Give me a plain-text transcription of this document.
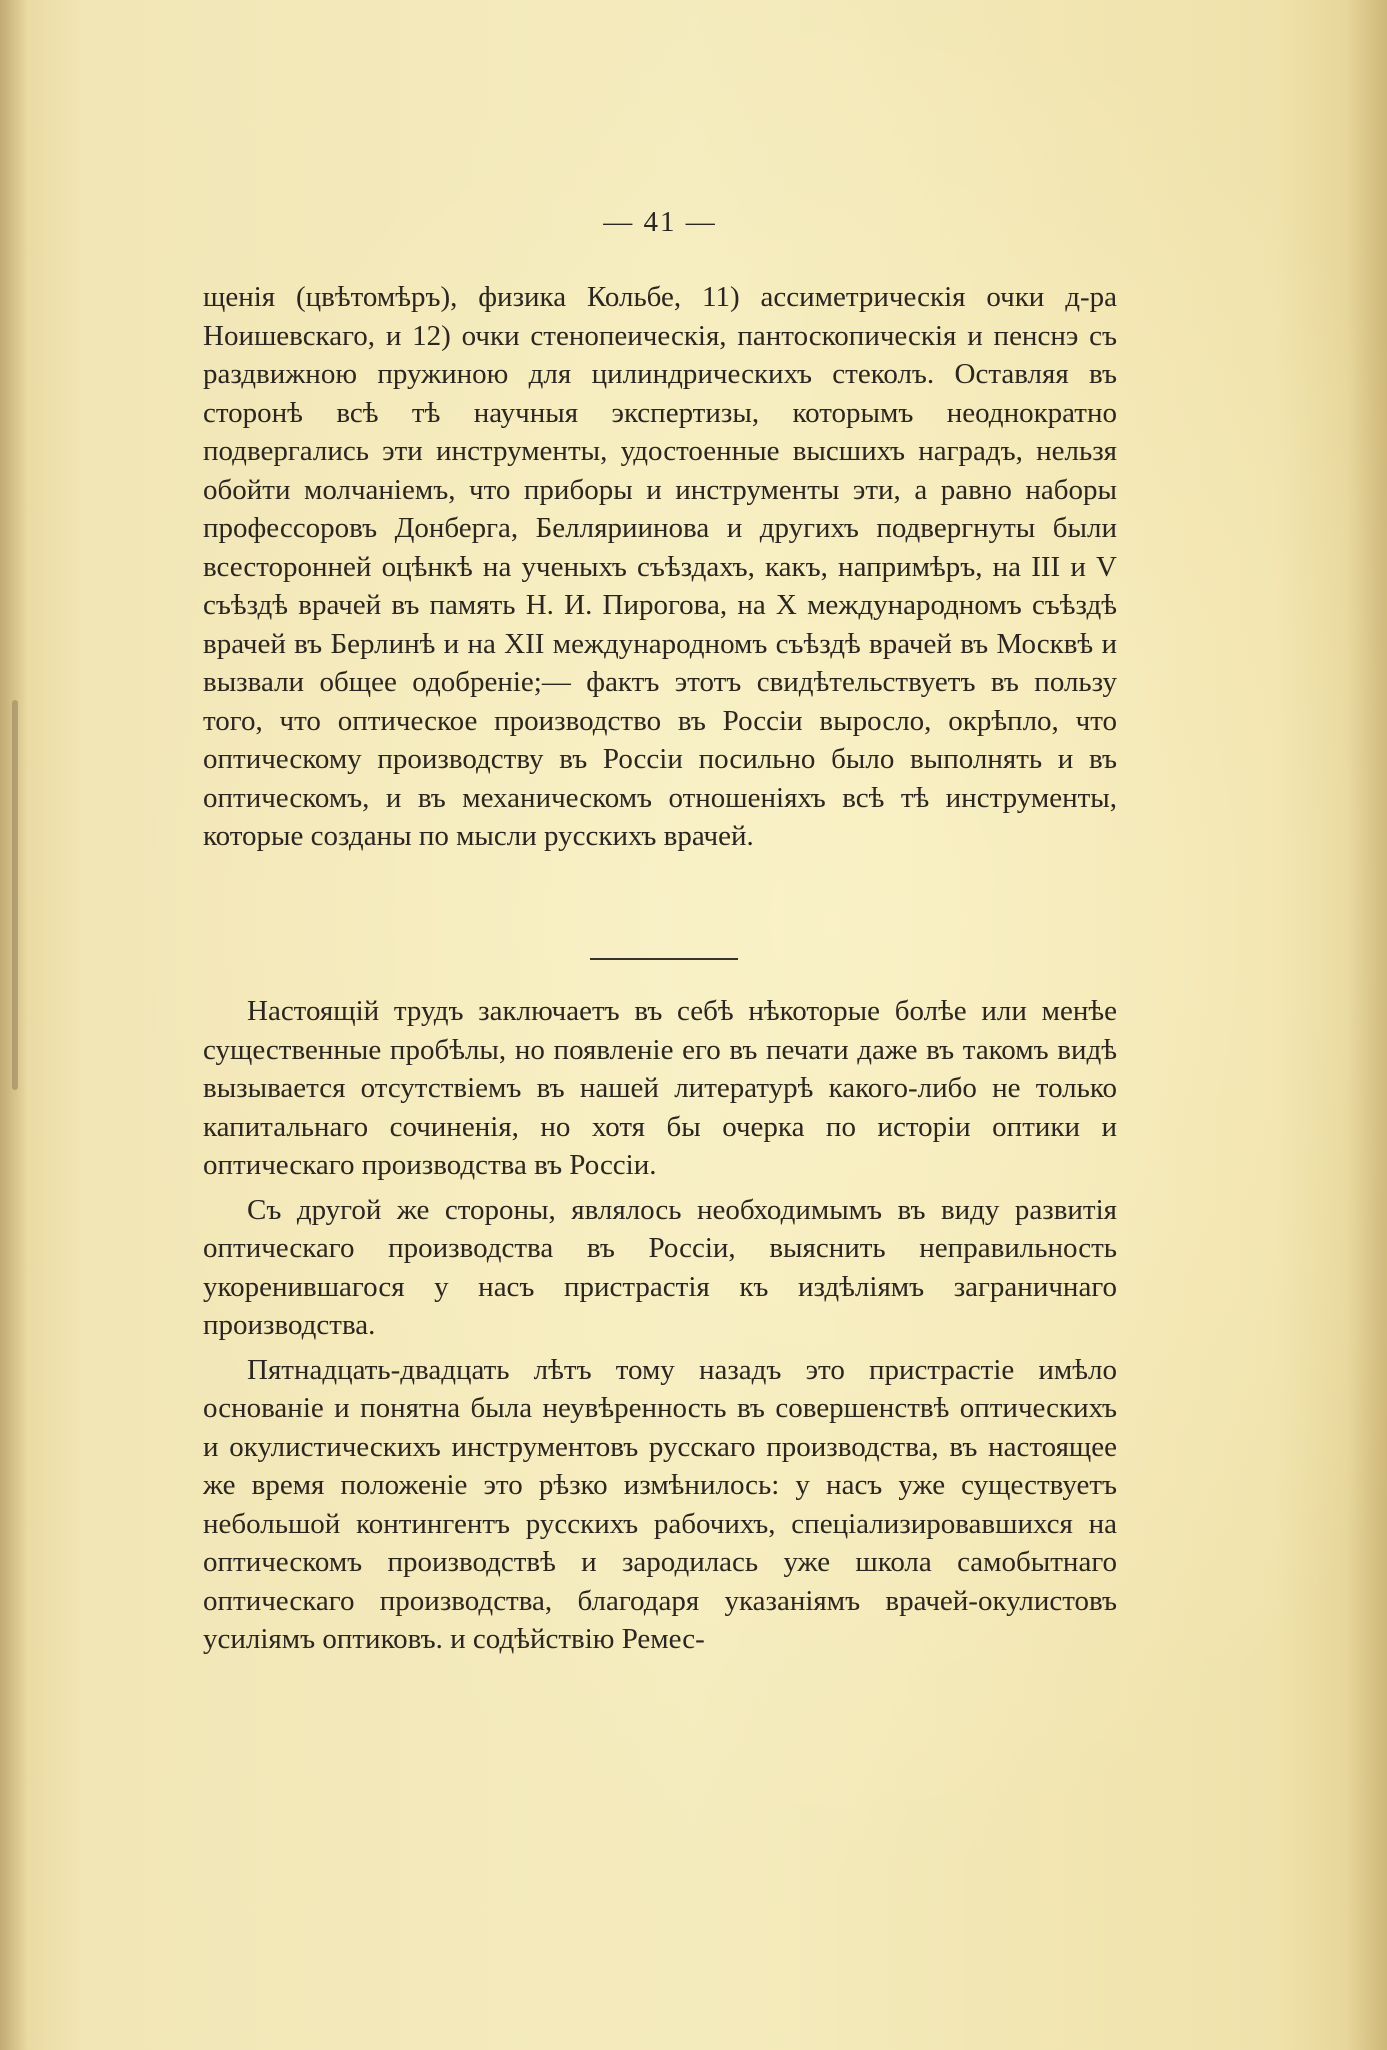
— 41 —

щенія (цвѣтомѣръ), физика Кольбе, 11) ассиметрическія очки д-ра Ноишевскаго, и 12) очки стенопеическія, пантоскопическія и пенснэ съ раздвижною пружиною для цилиндрическихъ стеколъ. Оставляя въ сторонѣ всѣ тѣ научныя экспертизы, которымъ неоднократно подвергались эти инструменты, удостоенные высшихъ наградъ, нельзя обойти молчаніемъ, что приборы и инструменты эти, а равно наборы профессоровъ Донберга, Белляриинова и другихъ подвергнуты были всесторонней оцѣнкѣ на ученыхъ съѣздахъ, какъ, напримѣръ, на III и V съѣздѣ врачей въ память Н. И. Пирогова, на X международномъ съѣздѣ врачей въ Берлинѣ и на XII международномъ съѣздѣ врачей въ Москвѣ и вызвали общее одобреніе;— фактъ этотъ свидѣтельствуетъ въ пользу того, что оптическое производство въ Россіи выросло, окрѣпло, что оптическому производству въ Россіи посильно было выполнять и въ оптическомъ, и въ механическомъ отношеніяхъ всѣ тѣ инструменты, которые созданы по мысли русскихъ врачей.

Настоящій трудъ заключаетъ въ себѣ нѣкоторые болѣе или менѣе существенные пробѣлы, но появленіе его въ печати даже въ такомъ видѣ вызывается отсутствіемъ въ нашей литературѣ какого-либо не только капитальнаго сочиненія, но хотя бы очерка по исторіи оптики и оптическаго производства въ Россіи.

Съ другой же стороны, являлось необходимымъ въ виду развитія оптическаго производства въ Россіи, выяснить неправильность укоренившагося у насъ пристрастія къ издѣліямъ заграничнаго производства.

Пятнадцать-двадцать лѣтъ тому назадъ это пристрастіе имѣло основаніе и понятна была неувѣренность въ совершенствѣ оптическихъ и окулистическихъ инструментовъ русскаго производства, въ настоящее же время положеніе это рѣзко измѣнилось: у насъ уже существуетъ небольшой контингентъ русскихъ рабочихъ, спеціализировавшихся на оптическомъ производствѣ и зародилась уже школа самобытнаго оптическаго производства, благодаря указаніямъ врачей-окулистовъ усиліямъ оптиковъ. и содѣйствію Ремес-
